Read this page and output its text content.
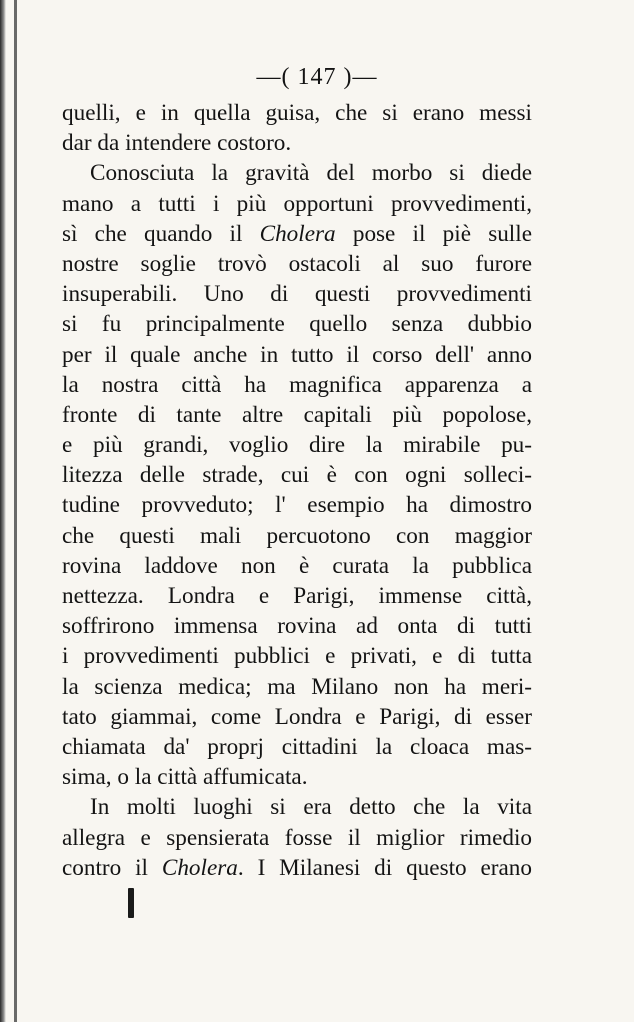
—( 147 )—
quelli, e in quella guisa, che si erano messi
dar da intendere costoro.
Conosciuta la gravità del morbo si diede
mano a tutti i più opportuni provvedimenti,
sì che quando il Cholera pose il piè sulle
nostre soglie trovò ostacoli al suo furore
insuperabili. Uno di questi provvedimenti
si fu principalmente quello senza dubbio
per il quale anche in tutto il corso dell' anno
la nostra città ha magnifica apparenza a
fronte di tante altre capitali più popolose,
e più grandi, voglio dire la mirabile pu-
litezza delle strade, cui è con ogni solleci-
tudine provveduto; l' esempio ha dimostro
che questi mali percuotono con maggior
rovina laddove non è curata la pubblica
nettezza. Londra e Parigi, immense città,
soffrirono immensa rovina ad onta di tutti
i provvedimenti pubblici e privati, e di tutta
la scienza medica; ma Milano non ha meri-
tato giammai, come Londra e Parigi, di esser
chiamata da' proprj cittadini la cloaca mas-
sima, o la città affumicata.
In molti luoghi si era detto che la vita
allegra e spensierata fosse il miglior rimedio
contro il Cholera. I Milanesi di questo erano
